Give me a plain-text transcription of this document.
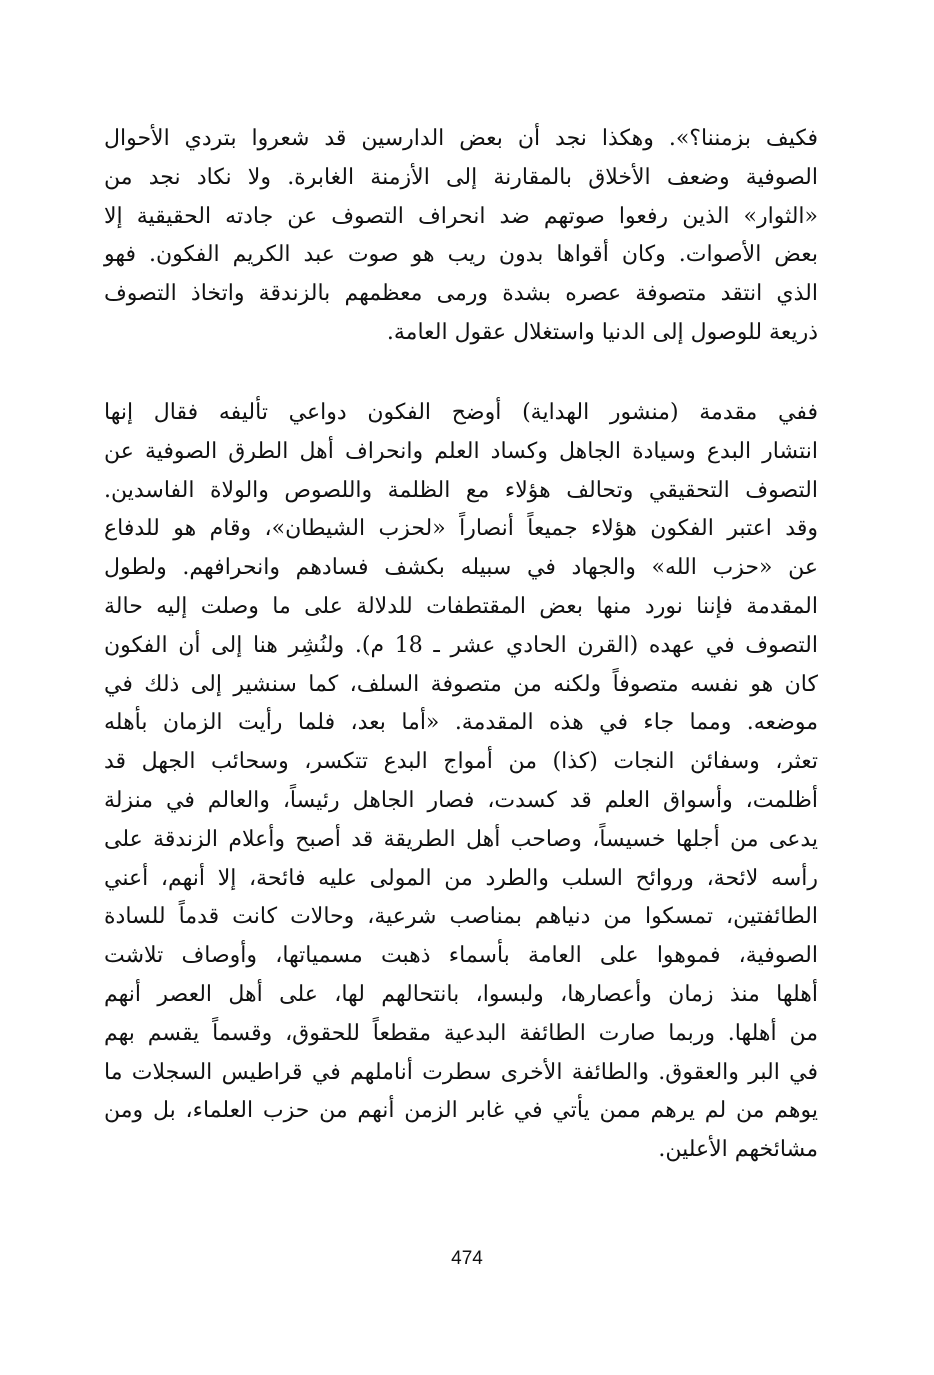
فكيف بزمننا؟». وهكذا نجد أن بعض الدارسين قد شعروا بتردي الأحوال
الصوفية وضعف الأخلاق بالمقارنة إلى الأزمنة الغابرة. ولا نكاد نجد من
«الثوار» الذين رفعوا صوتهم ضد انحراف التصوف عن جادته الحقيقية إلا
بعض الأصوات. وكان أقواها بدون ريب هو صوت عبد الكريم الفكون. فهو
الذي انتقد متصوفة عصره بشدة ورمى معظمهم بالزندقة واتخاذ التصوف
ذريعة للوصول إلى الدنيا واستغلال عقول العامة.
ففي مقدمة (منشور الهداية) أوضح الفكون دواعي تأليفه فقال إنها
انتشار البدع وسيادة الجاهل وكساد العلم وانحراف أهل الطرق الصوفية عن
التصوف التحقيقي وتحالف هؤلاء مع الظلمة واللصوص والولاة الفاسدين.
وقد اعتبر الفكون هؤلاء جميعاً أنصاراً «لحزب الشيطان»، وقام هو للدفاع
عن «حزب الله» والجهاد في سبيله بكشف فسادهم وانحرافهم. ولطول
المقدمة فإننا نورد منها بعض المقتطفات للدلالة على ما وصلت إليه حالة
التصوف في عهده (القرن الحادي عشر ـ 18 م). ولنُشِر هنا إلى أن الفكون
كان هو نفسه متصوفاً ولكنه من متصوفة السلف، كما سنشير إلى ذلك في
موضعه. ومما جاء في هذه المقدمة. «أما بعد، فلما رأيت الزمان بأهله
تعثر، وسفائن النجات (كذا) من أمواج البدع تتكسر، وسحائب الجهل قد
أظلمت، وأسواق العلم قد كسدت، فصار الجاهل رئيساً، والعالم في منزلة
يدعى من أجلها خسيساً، وصاحب أهل الطريقة قد أصبح وأعلام الزندقة على
رأسه لائحة، وروائح السلب والطرد من المولى عليه فائحة، إلا أنهم، أعني
الطائفتين، تمسكوا من دنياهم بمناصب شرعية، وحالات كانت قدماً للسادة
الصوفية، فموهوا على العامة بأسماء ذهبت مسمياتها، وأوصاف تلاشت
أهلها منذ زمان وأعصارها، ولبسوا، بانتحالهم لها، على أهل العصر أنهم
من أهلها. وربما صارت الطائفة البدعية مقطعاً للحقوق، وقسماً يقسم بهم
في البر والعقوق. والطائفة الأخرى سطرت أناملهم في قراطيس السجلات ما
يوهم من لم يرهم ممن يأتي في غابر الزمن أنهم من حزب العلماء، بل ومن
مشائخهم الأعلين.
474
